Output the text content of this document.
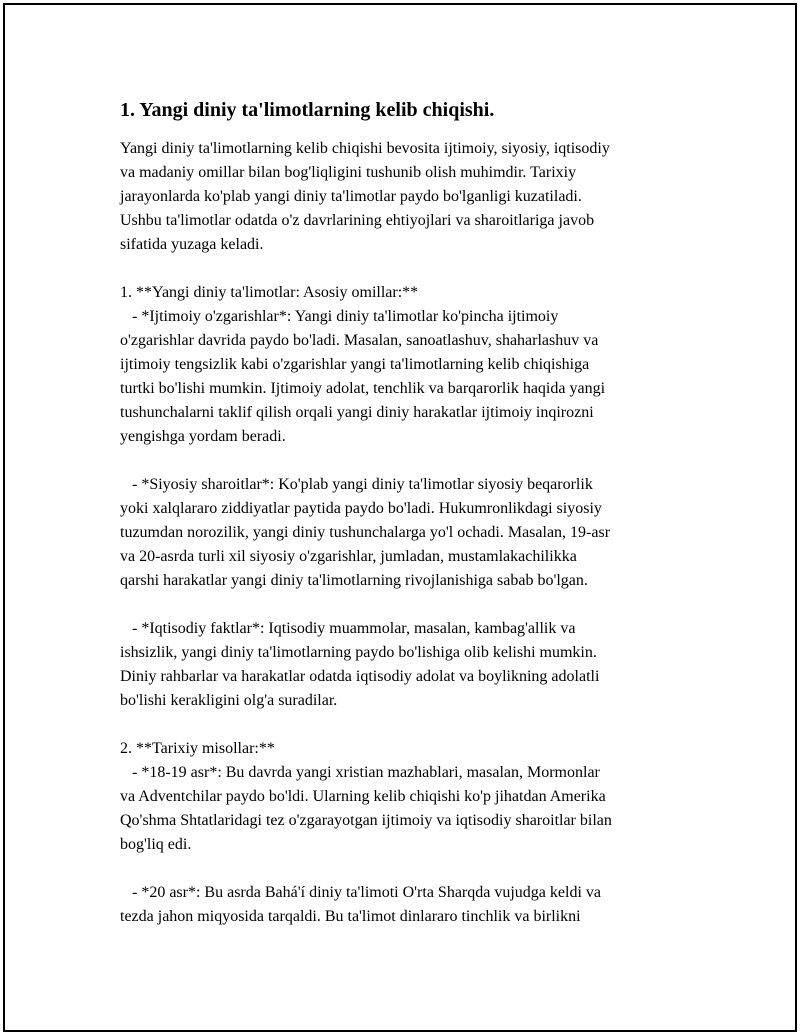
1. Yangi diniy ta'limotlarning kelib chiqishi.

Yangi diniy ta'limotlarning kelib chiqishi bevosita ijtimoiy, siyosiy, iqtisodiy

va madaniy omillar bilan bog'liqligini tushunib olish muhimdir. Tarixiy

jarayonlarda ko'plab yangi diniy ta'limotlar paydo bo'lganligi kuzatiladi.

Ushbu ta'limotlar odatda o'z davrlarining ehtiyojlari va sharoitlariga javob

sifatida yuzaga keladi.

1. **Yangi diniy ta'limotlar: Asosiy omillar:**

- *Ijtimoiy o'zgarishlar*: Yangi diniy ta'limotlar ko'pincha ijtimoiy

o'zgarishlar davrida paydo bo'ladi. Masalan, sanoatlashuv, shaharlashuv va

ijtimoiy tengsizlik kabi o'zgarishlar yangi ta'limotlarning kelib chiqishiga

turtki bo'lishi mumkin. Ijtimoiy adolat, tenchlik va barqarorlik haqida yangi

tushunchalarni taklif qilish orqali yangi diniy harakatlar ijtimoiy inqirozni

yengishga yordam beradi.

- *Siyosiy sharoitlar*: Ko'plab yangi diniy ta'limotlar siyosiy beqarorlik

yoki xalqlararo ziddiyatlar paytida paydo bo'ladi. Hukumronlikdagi siyosiy

tuzumdan norozilik, yangi diniy tushunchalarga yo'l ochadi. Masalan, 19-asr

va 20-asrda turli xil siyosiy o'zgarishlar, jumladan, mustamlakachilikka

qarshi harakatlar yangi diniy ta'limotlarning rivojlanishiga sabab bo'lgan.

- *Iqtisodiy faktlar*: Iqtisodiy muammolar, masalan, kambag'allik va

ishsizlik, yangi diniy ta'limotlarning paydo bo'lishiga olib kelishi mumkin.

Diniy rahbarlar va harakatlar odatda iqtisodiy adolat va boylikning adolatli

bo'lishi kerakligini olg'a suradilar.

2. **Tarixiy misollar:**

- *18-19 asr*: Bu davrda yangi xristian mazhablari, masalan, Mormonlar

va Adventchilar paydo bo'ldi. Ularning kelib chiqishi ko'p jihatdan Amerika

Qo'shma Shtatlaridagi tez o'zgarayotgan ijtimoiy va iqtisodiy sharoitlar bilan

bog'liq edi.

- *20 asr*: Bu asrda Bahá'í diniy ta'limoti O'rta Sharqda vujudga keldi va

tezda jahon miqyosida tarqaldi. Bu ta'limot dinlararo tinchlik va birlikni
